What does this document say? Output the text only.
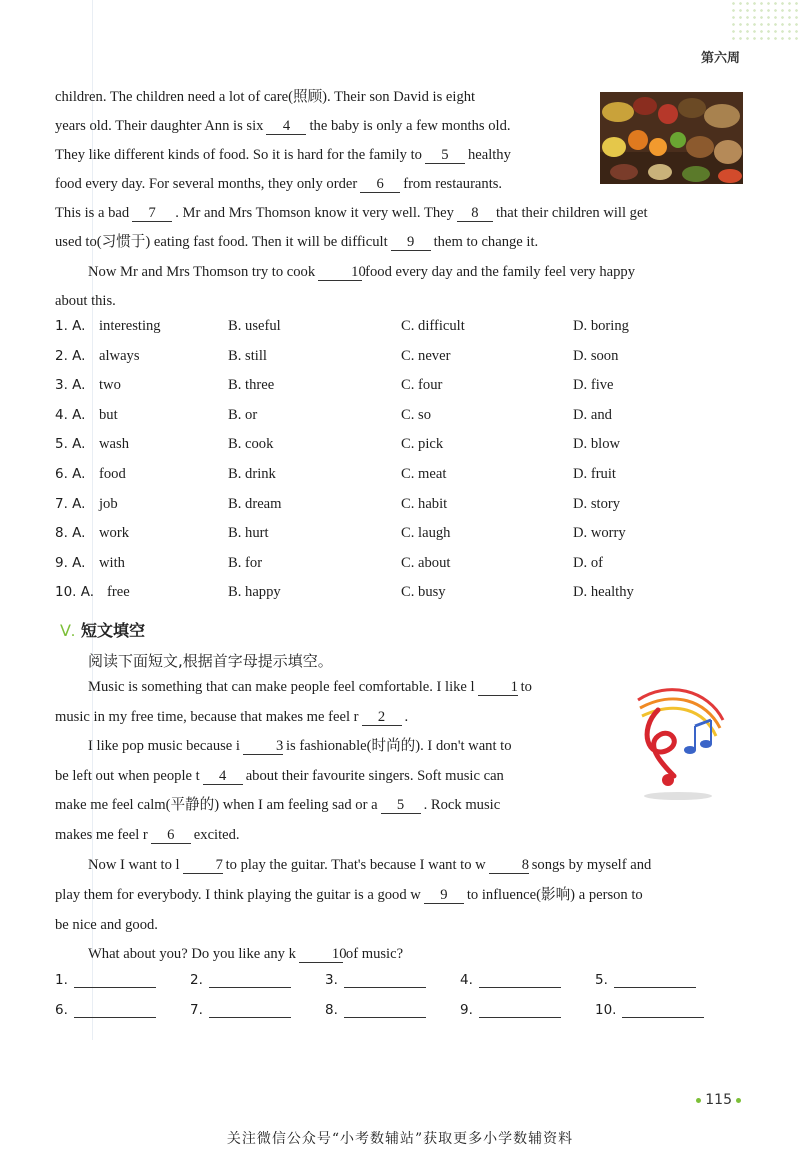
第六周

children. The children need a lot of care(照顾). Their son David is eight

years old. Their daughter Ann is six 4 the baby is only a few months old.

They like different kinds of food. So it is hard for the family to 5 healthy

food every day. For several months, they only order 6 from restaurants.

This is a bad 7 . Mr and Mrs Thomson know it very well. They 8 that their children will get

used to(习惯于) eating fast food. Then it will be difficult 9 them to change it.

Now Mr and Mrs Thomson try to cook 10food every day and the family feel very happy

about this.

1. A. interesting	B. useful	C. difficult	D. boring
2. A. always	B. still	C. never	D. soon
3. A. two	B. three	C. four	D. five
4. A. but	B. or	C. so	D. and
5. A. wash	B. cook	C. pick	D. blow
6. A. food	B. drink	C. meat	D. fruit
7. A. job	B. dream	C. habit	D. story
8. A. work	B. hurt	C. laugh	D. worry
9. A. with	B. for	C. about	D. of
10. A. free	B. happy	C. busy	D. healthy
Ⅴ. 短文填空
阅读下面短文,根据首字母提示填空。

Music is something that can make people feel comfortable. I like l 1 to

music in my free time, because that makes me feel r 2 .

I like pop music because i 3 is fashionable(时尚的). I don't want to

be left out when people t 4 about their favourite singers. Soft music can

make me feel calm(平静的) when I am feeling sad or a 5 . Rock music

makes me feel r 6 excited.

Now I want to l 7 to play the guitar. That's because I want to w 8 songs by myself and

play them for everybody. I think playing the guitar is a good w 9 to influence(影响) a person to

be nice and good.

What about you? Do you like any k 10of music?

1.	2.	3.	4.	5.
6.	7.	8.	9.	10.
115
关注微信公众号“小考数辅站”获取更多小学数辅资料
